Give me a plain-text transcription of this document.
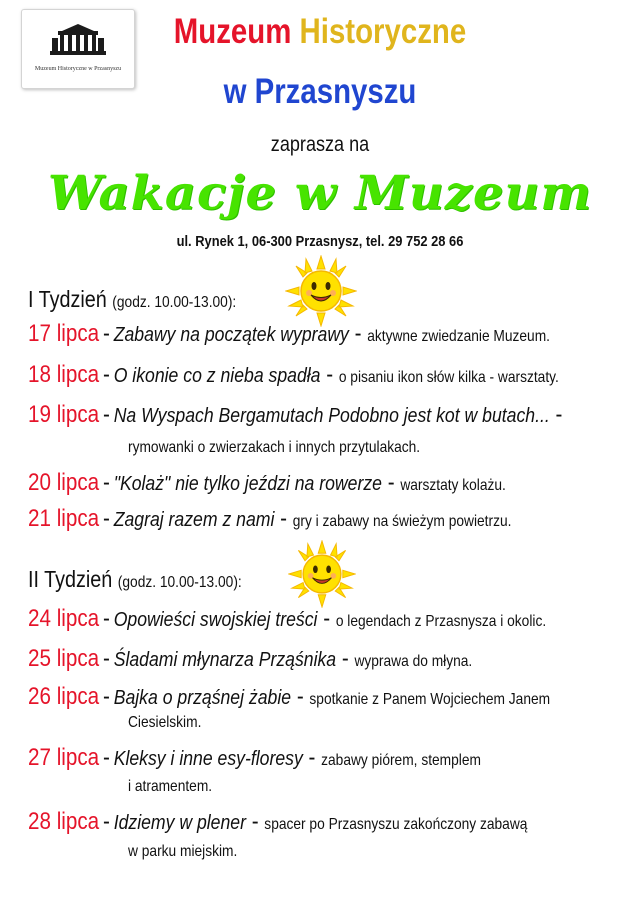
Muzeum Historyczne w Przasnyszu
Muzeum Historyczne
w Przasnyszu
zaprasza na
Wakacje w Muzeum
ul. Rynek 1, 06-300 Przasnysz, tel. 29 752 28 66
I Tydzień (godz. 10.00-13.00):
17 lipca - Zabawy na początek wyprawy - aktywne zwiedzanie Muzeum.
18 lipca - O ikonie co z nieba spadła - o pisaniu ikon słów kilka - warsztaty.
19 lipca - Na Wyspach Bergamutach Podobno jest kot w butach... -
rymowanki o zwierzakach i innych przytulakach.
20 lipca - "Kolaż" nie tylko jeździ na rowerze - warsztaty kolażu.
21 lipca - Zagraj razem z nami - gry i zabawy na świeżym powietrzu.
II Tydzień (godz. 10.00-13.00):
24 lipca - Opowieści swojskiej treści - o legendach z Przasnysza i okolic.
25 lipca - Śladami młynarza Prząśnika - wyprawa do młyna.
26 lipca - Bajka o prząśnej żabie - spotkanie z Panem Wojciechem Janem
Ciesielskim.
27 lipca - Kleksy i inne esy-floresy - zabawy piórem, stemplem
i atramentem.
28 lipca - Idziemy w plener - spacer po Przasnyszu zakończony zabawą
w parku miejskim.
